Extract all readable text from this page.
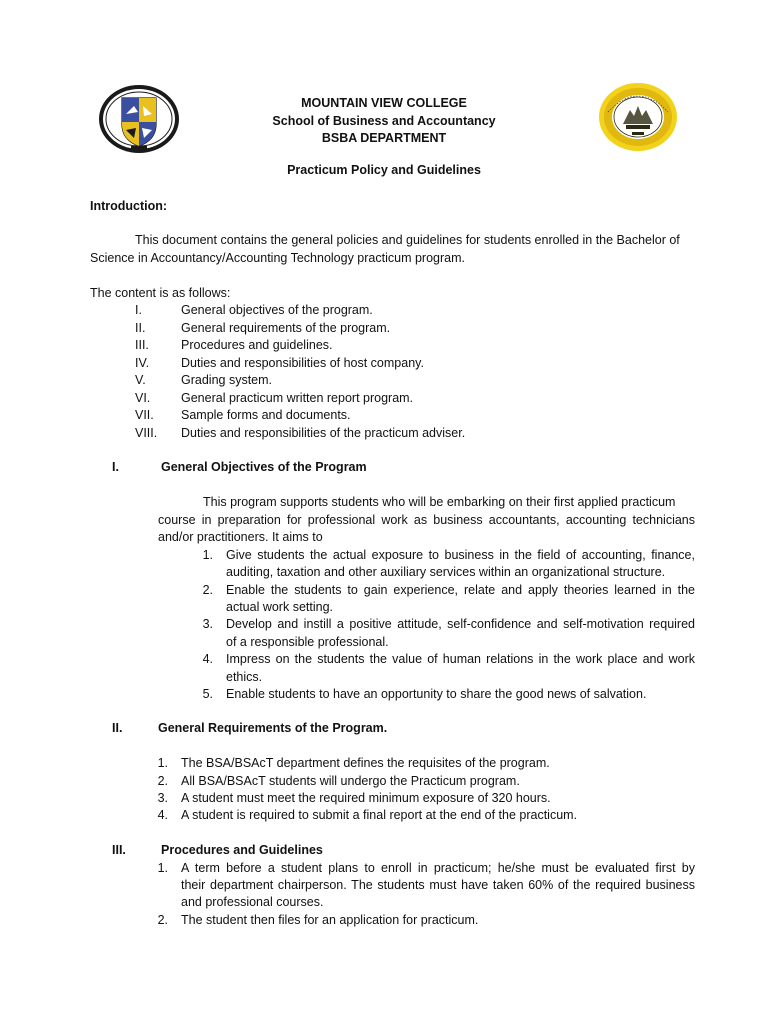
MOUNTAIN VIEW COLLEGE
School of Business and Accountancy
BSBA DEPARTMENT
Practicum Policy and Guidelines
Introduction:
This document contains the general policies and guidelines for students enrolled in the Bachelor of
Science in Accountancy/Accounting Technology practicum program.
The content is as follows:
I.	General objectives of the program.
II.	General requirements of the program.
III.	Procedures and guidelines.
IV.	Duties and responsibilities of host company.
V.	Grading system.
VI. General practicum written report program.
VII. Sample forms and documents.
VIII. Duties and responsibilities of the practicum adviser.
I.	General Objectives of the Program
This program supports students who will be embarking on their first applied practicum
course in preparation for professional work as business accountants, accounting technicians
and/or practitioners. It aims to
1. Give students the actual exposure to business in the field of accounting, finance,
auditing, taxation and other auxiliary services within an organizational structure.
2. Enable the students to gain experience, relate and apply theories learned in the
actual work setting.
3. Develop and instill a positive attitude, self-confidence and self-motivation required
of a responsible professional.
4. Impress on the students the value of human relations in the work place and work
ethics.
5. Enable students to have an opportunity to share the good news of salvation.
II.	General Requirements of the Program.
1. The BSA/BSAcT department defines the requisites of the program.
2. All BSA/BSAcT students will undergo the Practicum program.
3. A student must meet the required minimum exposure of 320 hours.
4. A student is required to submit a final report at the end of the practicum.
III.	Procedures and Guidelines
1. A term before a student plans to enroll in practicum; he/she must be evaluated first by
their department chairperson. The students must have taken 60% of the required business
and professional courses.
2. The student then files for an application for practicum.
